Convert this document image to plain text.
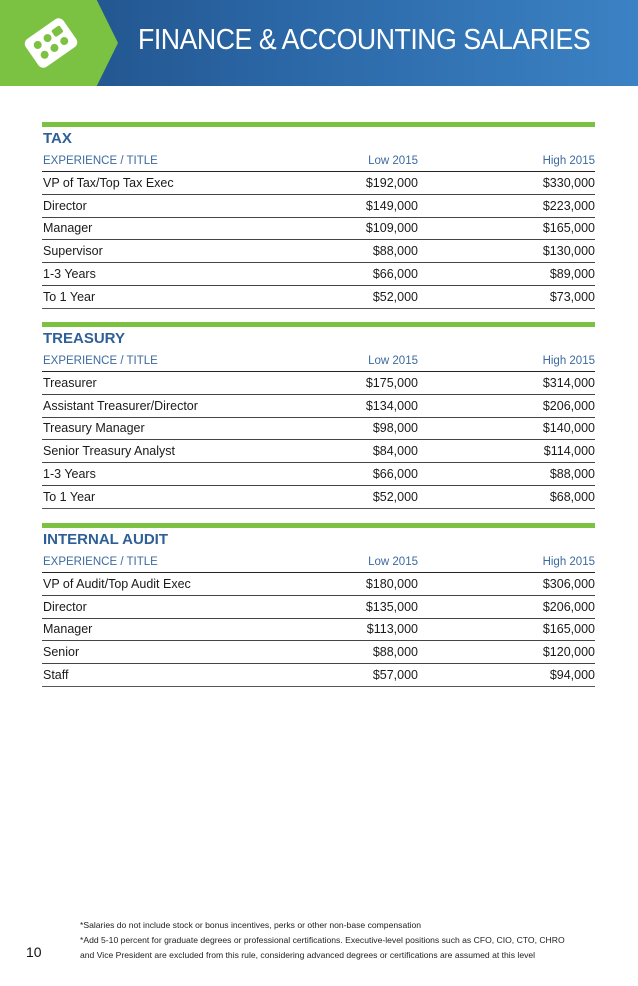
FINANCE & ACCOUNTING SALARIES
TAX
EXPERIENCE / TITLE	Low 2015	High 2015
VP of Tax/Top Tax Exec	$192,000	$330,000
Director	$149,000	$223,000
Manager	$109,000	$165,000
Supervisor	$88,000	$130,000
1-3 Years	$66,000	$89,000
To 1 Year	$52,000	$73,000
TREASURY
EXPERIENCE / TITLE	Low 2015	High 2015
Treasurer	$175,000	$314,000
Assistant Treasurer/Director	$134,000	$206,000
Treasury Manager	$98,000	$140,000
Senior Treasury Analyst	$84,000	$114,000
1-3 Years	$66,000	$88,000
To 1 Year	$52,000	$68,000
INTERNAL AUDIT
EXPERIENCE / TITLE	Low 2015	High 2015
VP of Audit/Top Audit Exec	$180,000	$306,000
Director	$135,000	$206,000
Manager	$113,000	$165,000
Senior	$88,000	$120,000
Staff	$57,000	$94,000
*Salaries do not include stock or bonus incentives, perks or other non-base compensation
*Add 5-10 percent for graduate degrees or professional certifications. Executive-level positions such as CFO, CIO, CTO, CHRO
and Vice President are excluded from this rule, considering advanced degrees or certifications are assumed at this level
10
